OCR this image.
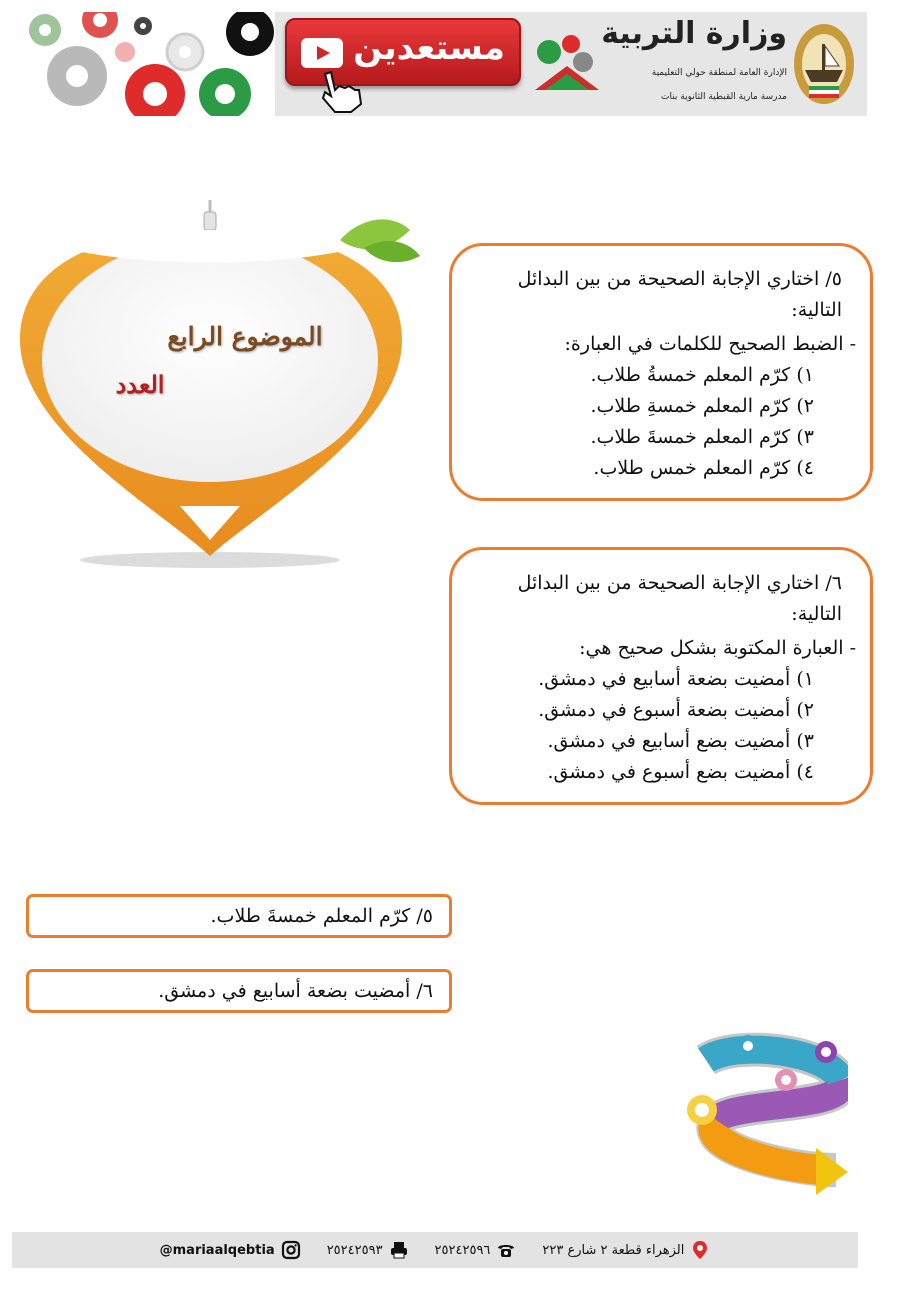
مستعدين	وزارة التربية
الإدارة العامة لمنطقة حولي التعليمية
مدرسة مارية القبطية الثانوية بنات
الموضوع الرابع
العدد
٥/ اختاري الإجابة الصحيحة من بين البدائل التالية:
- الضبط الصحيح للكلمات في العبارة:
١) كرّم المعلم خمسةُ طلاب.
٢) كرّم المعلم خمسةِ طلاب.
٣) كرّم المعلم خمسةَ طلاب.
٤) كرّم المعلم خمس طلاب.
٦/ اختاري الإجابة الصحيحة من بين البدائل التالية:
- العبارة المكتوبة بشكل صحيح هي:
١) أمضيت بضعة أسابيع في دمشق.
٢) أمضيت بضعة أسبوع في دمشق.
٣) أمضيت بضع أسابيع في دمشق.
٤) أمضيت بضع أسبوع في دمشق.
٥/ كرّم المعلم خمسةَ طلاب.
٦/ أمضيت بضعة أسابيع في دمشق.
الزهراء قطعة ٢ شارع ٢٢٣
٢٥٢٤٢٥٩٦
٢٥٢٤٢٥٩٣
@mariaalqebtia
